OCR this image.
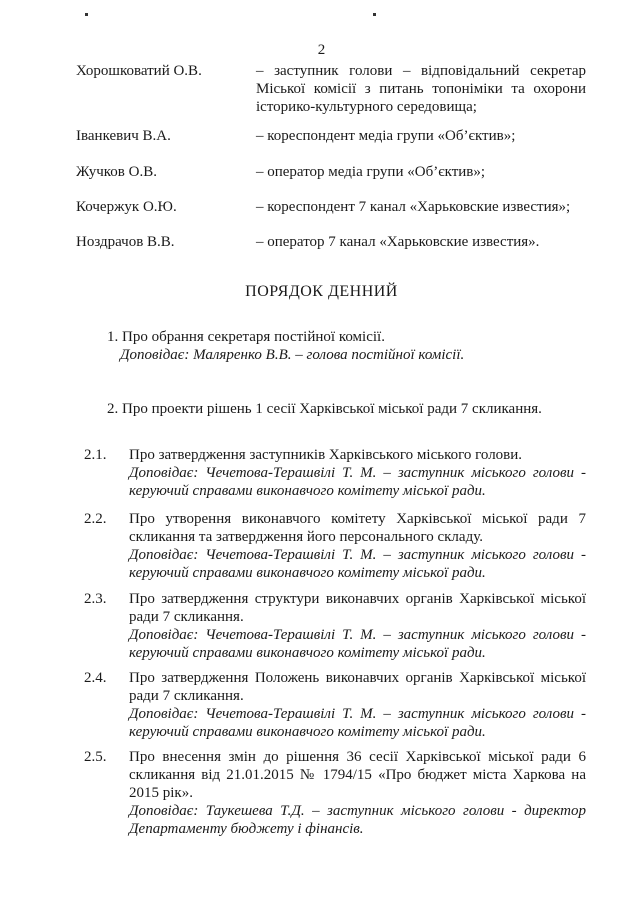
2
Хорошковатий О.В.	– заступник голови – відповідальний секретар Міської комісії з питань топоніміки та охорони історико-культурного середовища;
Іванкевич В.А.	– кореспондент медіа групи «Об’єктив»;
Жучков О.В.	– оператор медіа групи «Об’єктив»;
Кочержук О.Ю.	– кореспондент 7 канал «Харьковские известия»;
Ноздрачов В.В.	– оператор 7 канал «Харьковские известия».
ПОРЯДОК ДЕННИЙ
1. Про обрання секретаря постійної комісії.
Доповідає: Маляренко В.В. – голова постійної комісії.
2. Про проекти рішень 1 сесії Харківської міської ради 7 скликання.
2.1. Про затвердження заступників Харківського міського голови.
Доповідає: Чечетова-Терашвілі Т. М. – заступник міського голови - керуючий справами виконавчого комітету міської ради.
2.2. Про утворення виконавчого комітету Харківської міської ради 7 скликання та затвердження його персонального складу.
Доповідає: Чечетова-Терашвілі Т. М. – заступник міського голови - керуючий справами виконавчого комітету міської ради.
2.3. Про затвердження структури виконавчих органів Харківської міської ради 7 скликання.
Доповідає: Чечетова-Терашвілі Т. М. – заступник міського голови - керуючий справами виконавчого комітету міської ради.
2.4. Про затвердження Положень виконавчих органів Харківської міської ради 7 скликання.
Доповідає: Чечетова-Терашвілі Т. М. – заступник міського голови - керуючий справами виконавчого комітету міської ради.
2.5. Про внесення змін до рішення 36 сесії Харківської міської ради 6 скликання від 21.01.2015 № 1794/15 «Про бюджет міста Харкова на 2015 рік».
Доповідає: Таукешева Т.Д. – заступник міського голови - директор Департаменту бюджету і фінансів.
